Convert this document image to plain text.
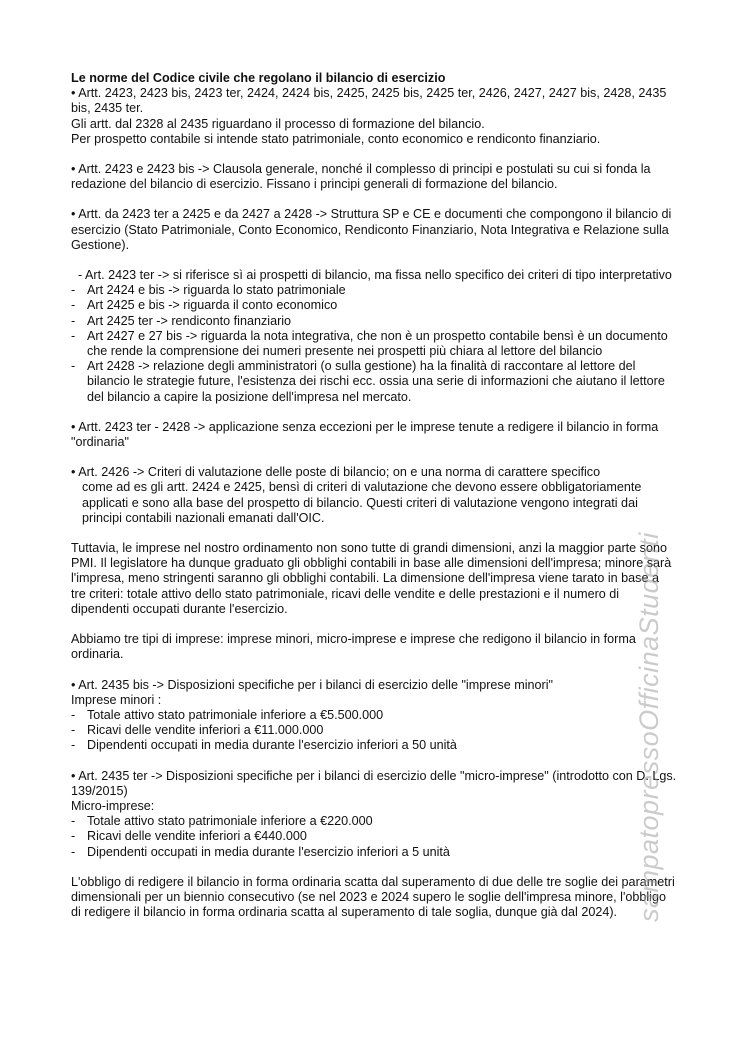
Le norme del Codice civile che regolano il bilancio di esercizio

• Artt. 2423, 2423 bis, 2423 ter, 2424, 2424 bis, 2425, 2425 bis, 2425 ter, 2426, 2427, 2427 bis, 2428, 2435 bis, 2435 ter.

Gli artt. dal 2328 al 2435 riguardano il processo di formazione del bilancio.

Per prospetto contabile si intende stato patrimoniale, conto economico e rendiconto finanziario.

• Artt. 2423 e 2423 bis -> Clausola generale, nonché il complesso di principi e postulati su cui si fonda la redazione del bilancio di esercizio. Fissano i principi generali di formazione del bilancio.

• Artt. da 2423 ter a 2425 e da 2427 a 2428 -> Struttura SP e CE e documenti che compongono il bilancio di esercizio (Stato Patrimoniale, Conto Economico, Rendiconto Finanziario, Nota Integrativa e Relazione sulla Gestione).

- Art. 2423 ter -> si riferisce sì ai prospetti di bilancio, ma fissa nello specifico dei criteri di tipo interpretativo

- Art 2424 e bis -> riguarda lo stato patrimoniale
- Art 2425 e bis -> riguarda il conto economico
- Art 2425 ter -> rendiconto finanziario
- Art 2427 e 27 bis -> riguarda la nota integrativa, che non è un prospetto contabile bensì è un documento che rende la comprensione dei numeri presente nei prospetti più chiara al lettore del bilancio
- Art 2428 -> relazione degli amministratori (o sulla gestione) ha la finalità di raccontare al lettore del bilancio le strategie future, l'esistenza dei rischi ecc. ossia una serie di informazioni che aiutano il lettore del bilancio a capire la posizione dell'impresa nel mercato.

• Artt. 2423 ter - 2428 -> applicazione senza eccezioni per le imprese tenute a redigere il bilancio in forma "ordinaria"

• Art. 2426 -> Criteri di valutazione delle poste di bilancio; on e una norma di carattere specifico

come ad es gli artt. 2424 e 2425, bensì di criteri di valutazione che devono essere obbligatoriamente applicati e sono alla base del prospetto di bilancio. Questi criteri di valutazione vengono integrati dai principi contabili nazionali emanati dall'OIC.

Tuttavia, le imprese nel nostro ordinamento non sono tutte di grandi dimensioni, anzi la maggior parte sono PMI. Il legislatore ha dunque graduato gli obblighi contabili in base alle dimensioni dell'impresa; minore sarà l'impresa, meno stringenti saranno gli obblighi contabili. La dimensione dell'impresa viene tarato in base a tre criteri: totale attivo dello stato patrimoniale, ricavi delle vendite e delle prestazioni e il numero di dipendenti occupati durante l'esercizio.

Abbiamo tre tipi di imprese: imprese minori, micro-imprese e imprese che redigono il bilancio in forma ordinaria.

• Art. 2435 bis -> Disposizioni specifiche per i bilanci di esercizio delle "imprese minori"

Imprese minori :

- Totale attivo stato patrimoniale inferiore a €5.500.000
- Ricavi delle vendite inferiori a €11.000.000
- Dipendenti occupati in media durante l'esercizio inferiori a 50 unità

• Art. 2435 ter -> Disposizioni specifiche per i bilanci di esercizio delle "micro-imprese" (introdotto con D. Lgs. 139/2015)

Micro-imprese:

- Totale attivo stato patrimoniale inferiore a €220.000
- Ricavi delle vendite inferiori a €440.000
- Dipendenti occupati in media durante l'esercizio inferiori a 5 unità

L'obbligo di redigere il bilancio in forma ordinaria scatta dal superamento di due delle tre soglie dei parametri dimensionali per un biennio consecutivo (se nel 2023 e 2024 supero le soglie dell'impresa minore, l'obbligo di redigere il bilancio in forma ordinaria scatta al superamento di tale soglia, dunque già dal 2024). sampatopressoOfficinaStudenti
